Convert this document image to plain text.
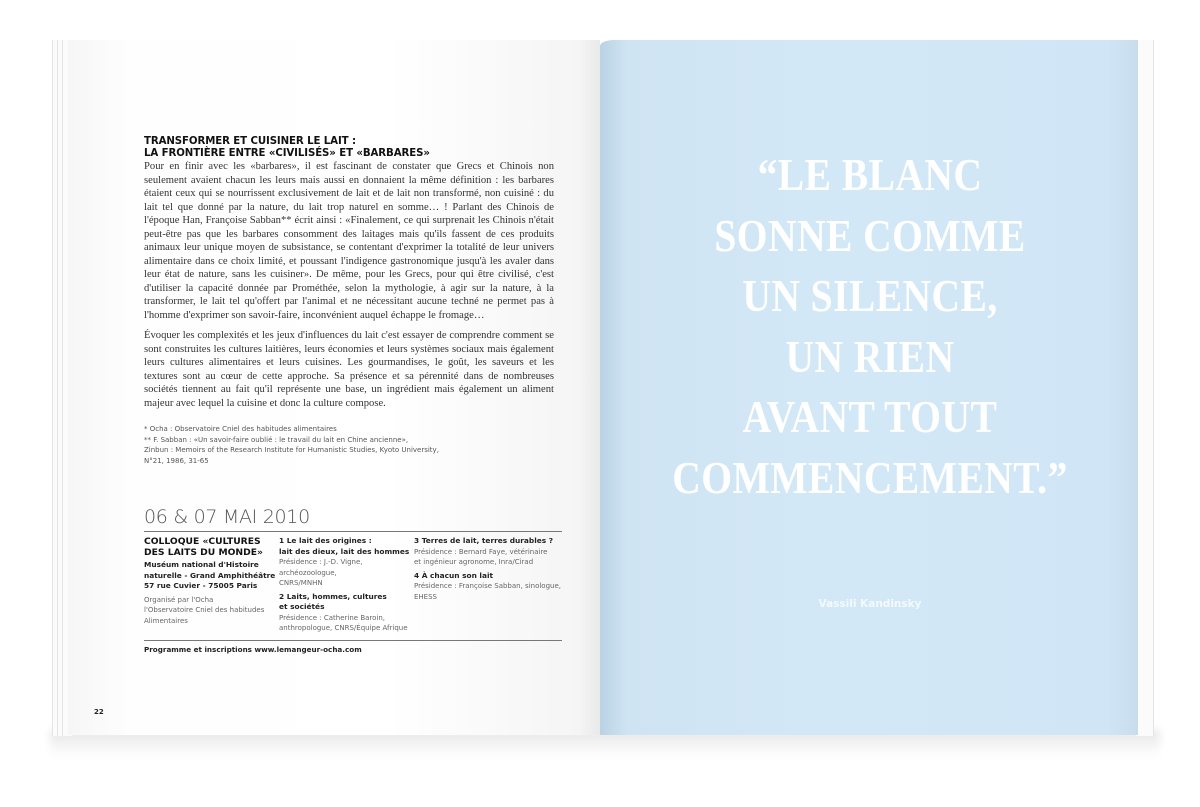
TRANSFORMER ET CUISINER LE LAIT :
LA FRONTIÈRE ENTRE «CIVILISÉS» ET «BARBARES»

Pour en finir avec les «barbares», il est fascinant de constater que Grecs et Chinois non seulement avaient chacun les leurs mais aussi en donnaient la même définition : les barbares étaient ceux qui se nourrissent exclusivement de lait et de lait non transformé, non cuisiné : du lait tel que donné par la nature, du lait trop naturel en somme… ! Parlant des Chinois de l'époque Han, Françoise Sabban** écrit ainsi : «Finalement, ce qui surprenait les Chinois n'était peut-être pas que les barbares consomment des laitages mais qu'ils fassent de ces produits animaux leur unique moyen de subsistance, se contentant d'exprimer la totalité de leur univers alimentaire dans ce choix limité, et poussant l'indigence gastronomique jusqu'à les avaler dans leur état de nature, sans les cuisiner». De même, pour les Grecs, pour qui être civilisé, c'est d'utiliser la capacité donnée par Prométhée, selon la mythologie, à agir sur la nature, à la transformer, le lait tel qu'offert par l'animal et ne nécessitant aucune techné ne permet pas à l'homme d'exprimer son savoir-faire, inconvénient auquel échappe le fromage…

Évoquer les complexités et les jeux d'influences du lait c'est essayer de comprendre comment se sont construites les cultures laitières, leurs économies et leurs systèmes sociaux mais également leurs cultures alimentaires et leurs cuisines. Les gourmandises, le goût, les saveurs et les textures sont au cœur de cette approche. Sa présence et sa pérennité dans de nombreuses sociétés tiennent au fait qu'il représente une base, un ingrédient mais également un aliment majeur avec lequel la cuisine et donc la culture compose.

* Ocha : Observatoire Cniel des habitudes alimentaires
** F. Sabban : «Un savoir-faire oublié : le travail du lait en Chine ancienne»,
Zinbun : Memoirs of the Research Institute for Humanistic Studies, Kyoto University,
N°21, 1986, 31-65
06 & 07 MAI 2010
COLLOQUE «CULTURES
DES LAITS DU MONDE»
Muséum national d'Histoire
naturelle - Grand Amphithéâtre
57 rue Cuvier - 75005 Paris
Organisé par l'Ocha
l'Observatoire Cniel des habitudes
Alimentaires
1 Le lait des origines :
lait des dieux, lait des hommes
Présidence : J.-D. Vigne, archéozoologue,
CNRS/MNHN
2 Laits, hommes, cultures
et sociétés
Présidence : Catherine Baroin,
anthropologue, CNRS/Équipe Afrique
3 Terres de lait, terres durables ?
Présidence : Bernard Faye, vétérinaire
et ingénieur agronome, Inra/Cirad
4 À chacun son lait
Présidence : Françoise Sabban, sinologue,
EHESS
Programme et inscriptions www.lemangeur-ocha.com
22
“LE BLANC
SONNE COMME
UN SILENCE,
UN RIEN
AVANT TOUT
COMMENCEMENT.”
Vassili Kandinsky
